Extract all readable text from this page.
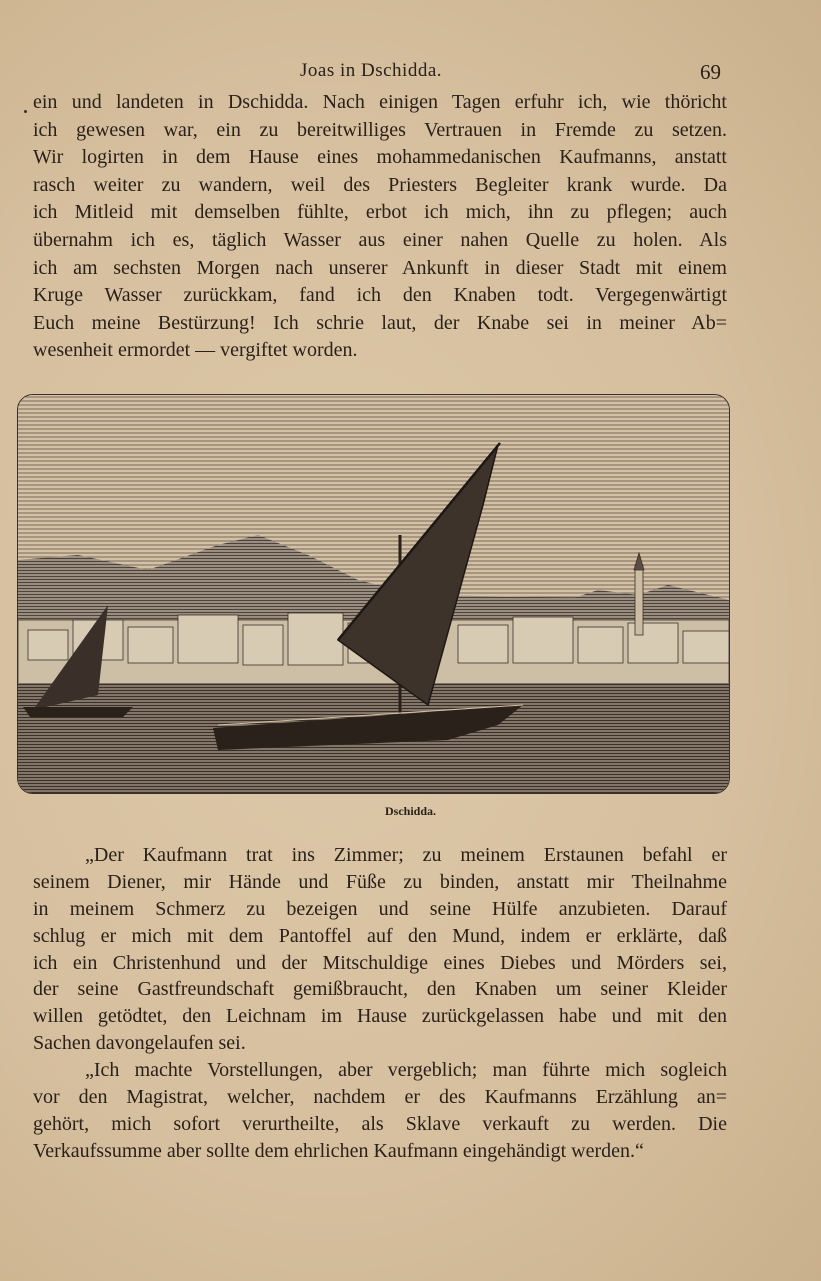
Joas in Dschidda.	69
ein und landeten in Dschidda. Nach einigen Tagen erfuhr ich, wie thöricht
ich gewesen war, ein zu bereitwilliges Vertrauen in Fremde zu setzen.
Wir logirten in dem Hause eines mohammedanischen Kaufmanns, anstatt
rasch weiter zu wandern, weil des Priesters Begleiter krank wurde. Da
ich Mitleid mit demselben fühlte, erbot ich mich, ihn zu pflegen; auch
übernahm ich es, täglich Wasser aus einer nahen Quelle zu holen. Als
ich am sechsten Morgen nach unserer Ankunft in dieser Stadt mit einem
Kruge Wasser zurückkam, fand ich den Knaben todt. Vergegenwärtigt
Euch meine Bestürzung! Ich schrie laut, der Knabe sei in meiner Ab=
wesenheit ermordet — vergiftet worden.
Dschidda.
„Der Kaufmann trat ins Zimmer; zu meinem Erstaunen befahl er
seinem Diener, mir Hände und Füße zu binden, anstatt mir Theilnahme
in meinem Schmerz zu bezeigen und seine Hülfe anzubieten. Darauf
schlug er mich mit dem Pantoffel auf den Mund, indem er erklärte, daß
ich ein Christenhund und der Mitschuldige eines Diebes und Mörders sei,
der seine Gastfreundschaft gemißbraucht, den Knaben um seiner Kleider
willen getödtet, den Leichnam im Hause zurückgelassen habe und mit den
Sachen davongelaufen sei.
„Ich machte Vorstellungen, aber vergeblich; man führte mich sogleich
vor den Magistrat, welcher, nachdem er des Kaufmanns Erzählung an=
gehört, mich sofort verurtheilte, als Sklave verkauft zu werden. Die
Verkaufssumme aber sollte dem ehrlichen Kaufmann eingehändigt werden.“
